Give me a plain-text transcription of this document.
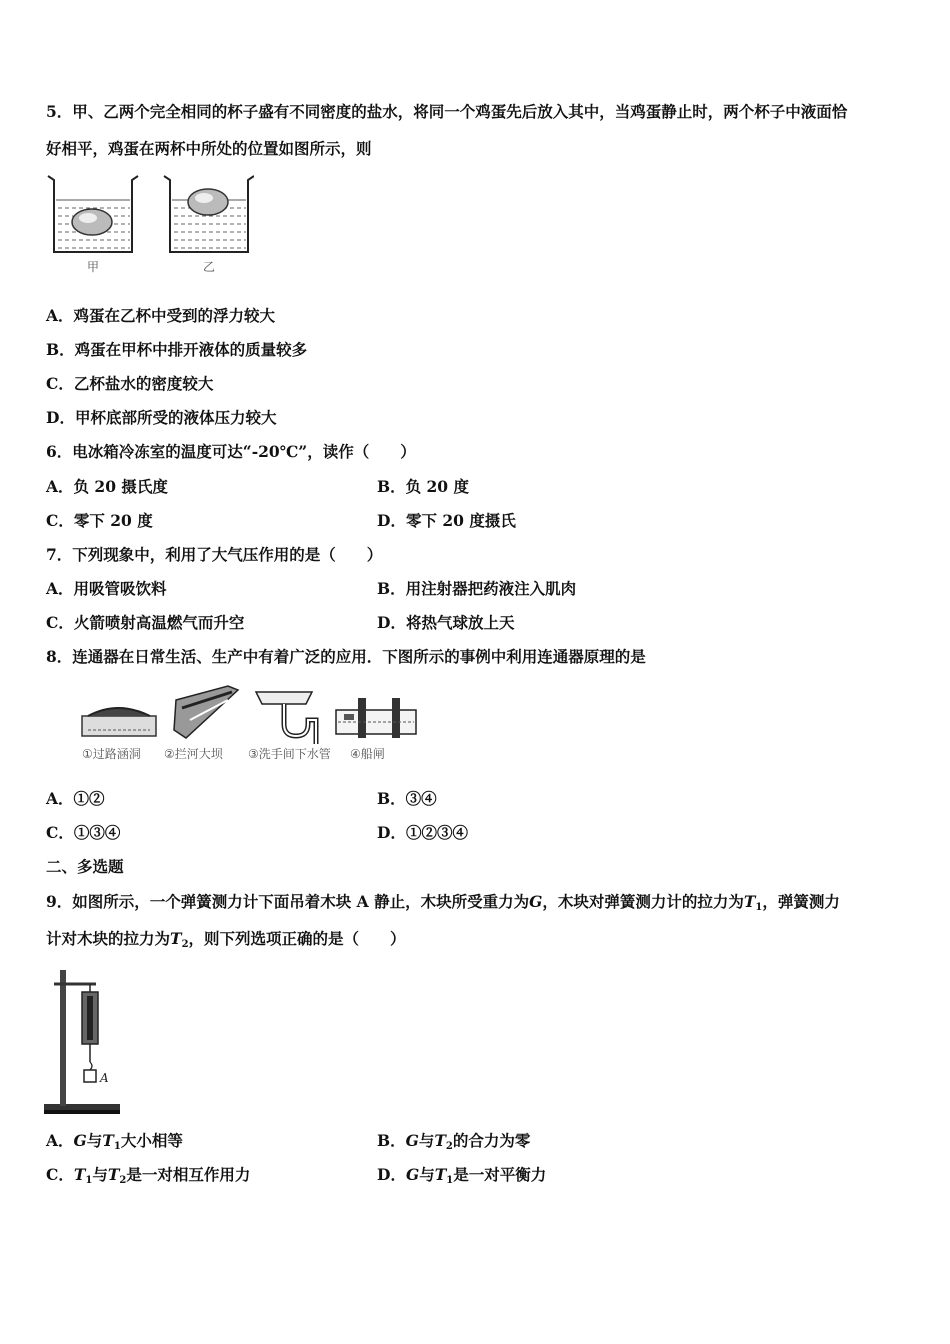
5．甲、乙两个完全相同的杯子盛有不同密度的盐水，将同一个鸡蛋先后放入其中，当鸡蛋静止时，两个杯子中液面恰
好相平，鸡蛋在两杯中所处的位置如图所示，则
甲	乙
A．鸡蛋在乙杯中受到的浮力较大
B．鸡蛋在甲杯中排开液体的质量较多
C．乙杯盐水的密度较大
D．甲杯底部所受的液体压力较大
6．电冰箱冷冻室的温度可达“-20℃”，读作（　　）
A．负 20 摄氏度	B．负 20 度
C．零下 20 度	D．零下 20 度摄氏
7．下列现象中，利用了大气压作用的是（　　）
A．用吸管吸饮料	B．用注射器把药液注入肌肉
C．火箭喷射高温燃气而升空	D．将热气球放上天
8．连通器在日常生活、生产中有着广泛的应用．下图所示的事例中利用连通器原理的是
①过路涵洞 ②拦河大坝 ③洗手间下水管 ④船闸
A．①②	B．③④
C．①③④	D．①②③④
二、多选题
9．如图所示，一个弹簧测力计下面吊着木块 A 静止，木块所受重力为G，木块对弹簧测力计的拉力为$T_1$，弹簧测力
计对木块的拉力为$T_2$，则下列选项正确的是（　　）
A
A．G与$T_1$大小相等	B．G与$T_2$的合力为零
C．$T_1$与$T_2$是一对相互作用力	D．G与$T_1$是一对平衡力
